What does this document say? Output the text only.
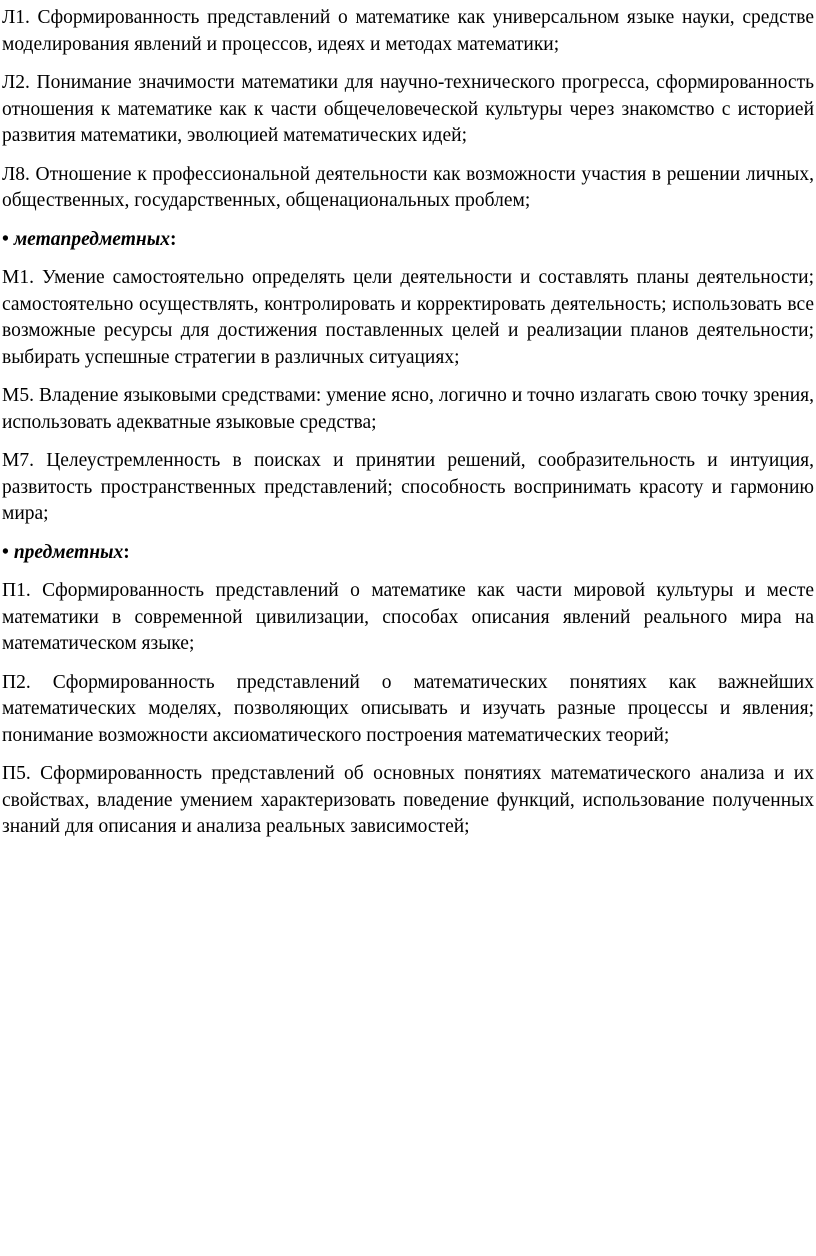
Л1. Сформированность представлений о математике как универсальном языке науки, средстве моделирования явлений и процессов, идеях и методах математики;

Л2. Понимание значимости математики для научно-технического прогресса, сформированность отношения к математике как к части общечеловеческой культуры через знакомство с историей развития математики, эволюцией математических идей;

Л8. Отношение к профессиональной деятельности как возможности участия в решении личных, общественных, государственных, общенациональных проблем;

• метапредметных:

М1. Умение самостоятельно определять цели деятельности и составлять планы деятельности; самостоятельно осуществлять, контролировать и корректировать деятельность; использовать все возможные ресурсы для достижения поставленных целей и реализации планов деятельности; выбирать успешные стратегии в различных ситуациях;

М5. Владение языковыми средствами: умение ясно, логично и точно излагать свою точку зрения, использовать адекватные языковые средства;

М7. Целеустремленность в поисках и принятии решений, сообразительность и интуиция, развитость пространственных представлений; способность воспринимать красоту и гармонию мира;

• предметных:

П1. Сформированность представлений о математике как части мировой культуры и месте математики в современной цивилизации, способах описания явлений реального мира на математическом языке;

П2. Сформированность представлений о математических понятиях как важнейших математических моделях, позволяющих описывать и изучать разные процессы и явления; понимание возможности аксиоматического построения математических теорий;

П5. Сформированность представлений об основных понятиях математического анализа и их свойствах, владение умением характеризовать поведение функций, использование полученных знаний для описания и анализа реальных зависимостей;
